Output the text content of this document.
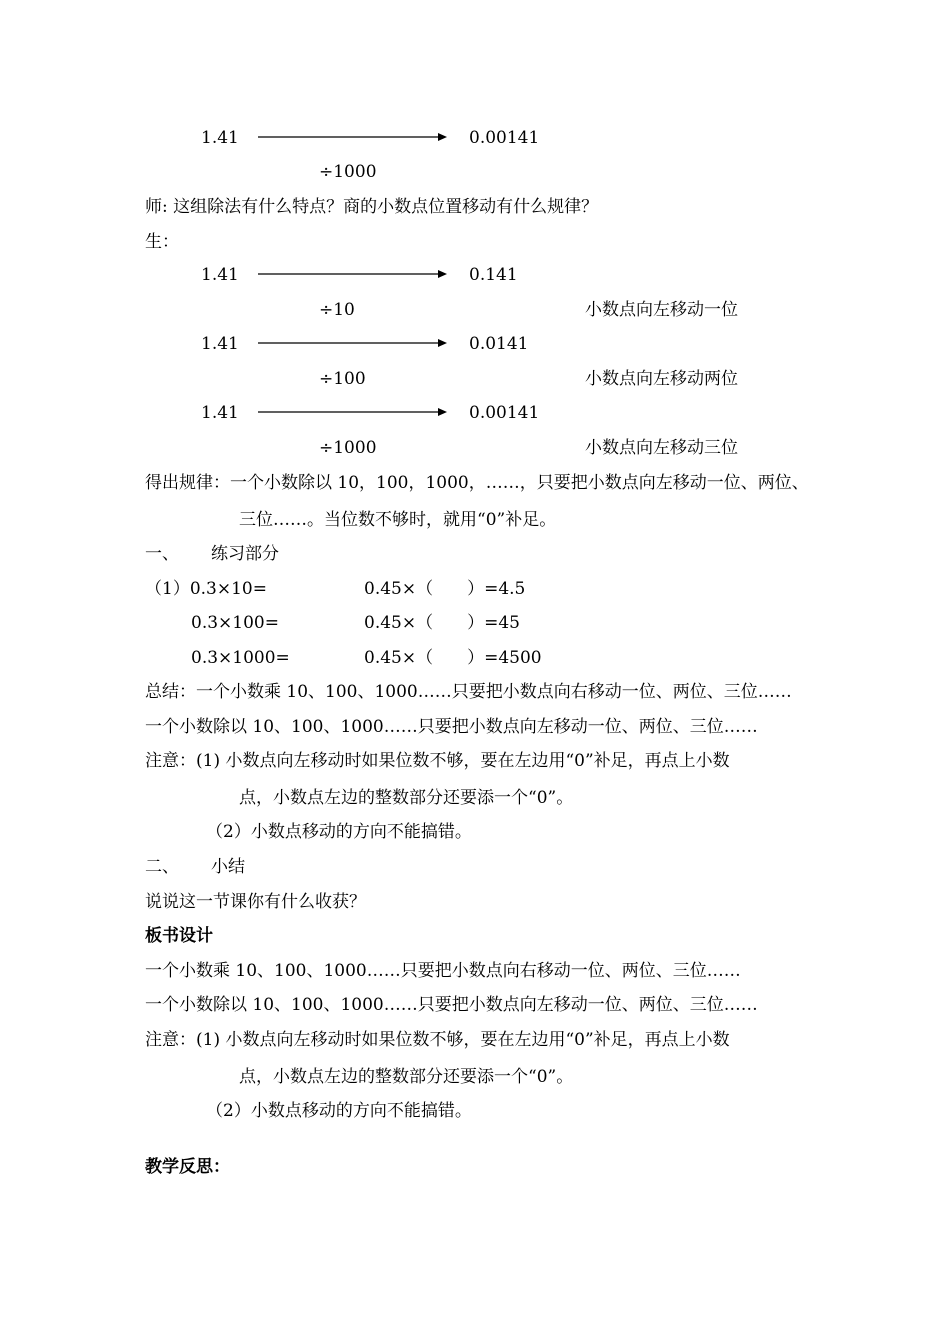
1.41	0.00141
÷1000
师: 这组除法有什么特点？商的小数点位置移动有什么规律？
生：
1.41	0.141
÷10	小数点向左移动一位
1.41	0.0141
÷100	小数点向左移动两位
1.41	0.00141
÷1000	小数点向左移动三位
得出规律：一个小数除以 10，100，1000，……，只要把小数点向左移动一位、两位、
三位……。当位数不够时，就用“0”补足。
一、 练习部分
（1）0.3×10=	0.45×（　　）=4.5
0.3×100=	0.45×（　　）=45
0.3×1000=	0.45×（　　）=4500
总结：一个小数乘 10、100、1000……只要把小数点向右移动一位、两位、三位……
一个小数除以 10、100、1000……只要把小数点向左移动一位、两位、三位……
注意：(1) 小数点向左移动时如果位数不够，要在左边用“0”补足，再点上小数
点，小数点左边的整数部分还要添一个“0”。
（2）小数点移动的方向不能搞错。
二、 小结
说说这一节课你有什么收获？
板书设计
一个小数乘 10、100、1000……只要把小数点向右移动一位、两位、三位……
一个小数除以 10、100、1000……只要把小数点向左移动一位、两位、三位……
注意：(1) 小数点向左移动时如果位数不够，要在左边用“0”补足，再点上小数
点，小数点左边的整数部分还要添一个“0”。
（2）小数点移动的方向不能搞错。
教学反思：
